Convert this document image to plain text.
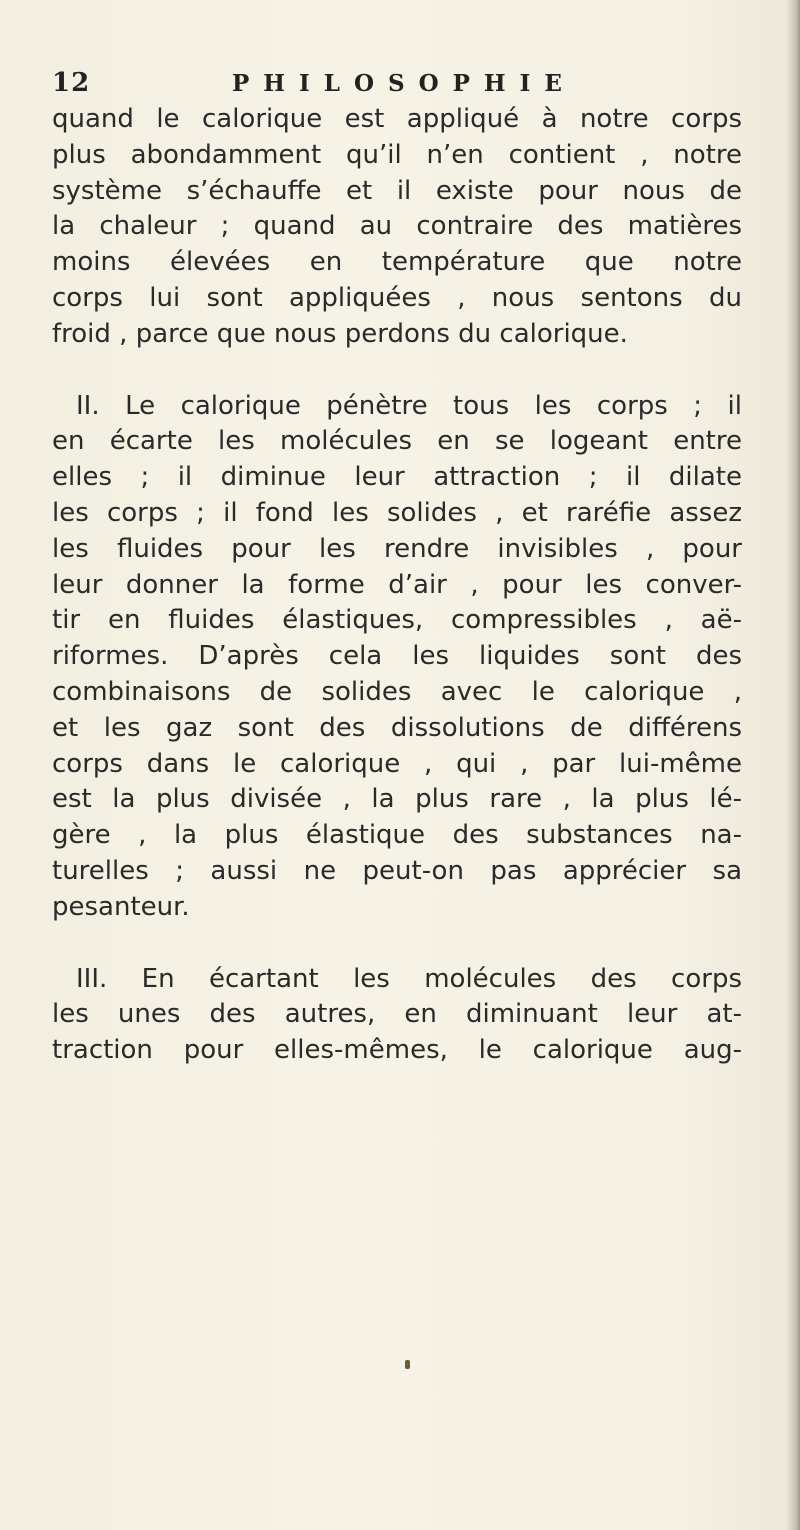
12	PHILOSOPHIE
quand le calorique est appliqué à notre corps
plus abondamment qu’il n’en contient , notre
système s’échauffe et il existe pour nous de
la chaleur ; quand au contraire des matières
moins élevées en température que notre
corps lui sont appliquées , nous sentons du
froid , parce que nous perdons du calorique.
II. Le calorique pénètre tous les corps ; il
en écarte les molécules en se logeant entre
elles ; il diminue leur attraction ; il dilate
les corps ; il fond les solides , et raréfie assez
les fluides pour les rendre invisibles , pour
leur donner la forme d’air , pour les conver-
tir en fluides élastiques, compressibles , aë-
riformes. D’après cela les liquides sont des
combinaisons de solides avec le calorique ,
et les gaz sont des dissolutions de différens
corps dans le calorique , qui , par lui-même
est la plus divisée , la plus rare , la plus lé-
gère , la plus élastique des substances na-
turelles ; aussi ne peut-on pas apprécier sa
pesanteur.
III. En écartant les molécules des corps
les unes des autres, en diminuant leur at-
traction pour elles-mêmes, le calorique aug-
